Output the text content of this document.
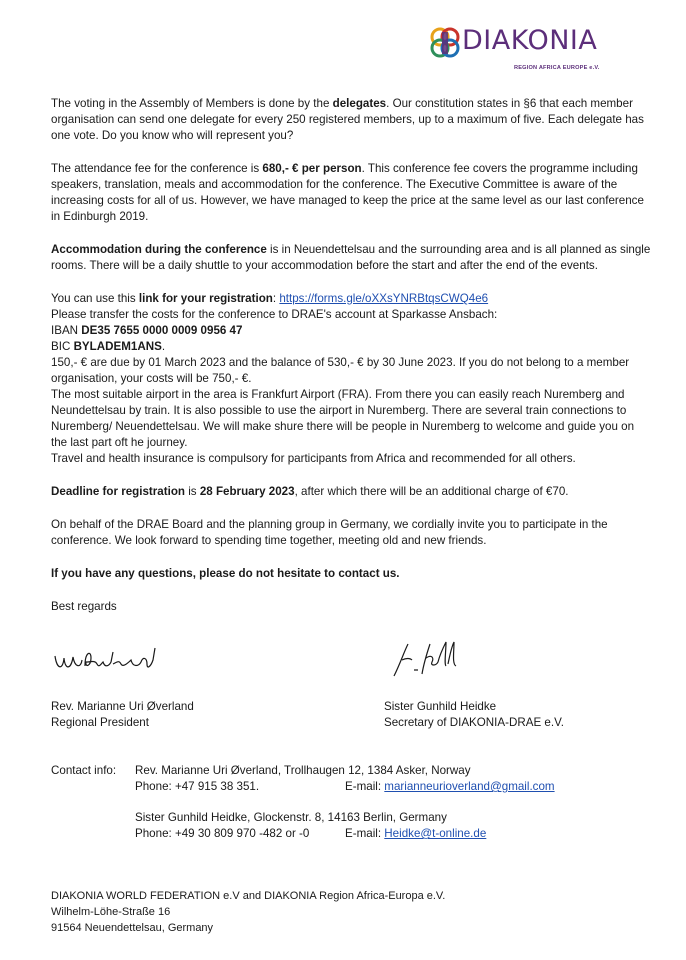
DIAKONIA
REGION AFRICA EUROPE e.V.

The voting in the Assembly of Members is done by the delegates. Our constitution states in §6 that each member organisation can send one delegate for every 250 registered members, up to a maximum of five. Each delegate has one vote. Do you know who will represent you?

The attendance fee for the conference is 680,- € per person. This conference fee covers the programme including speakers, translation, meals and accommodation for the conference. The Executive Committee is aware of the increasing costs for all of us. However, we have managed to keep the price at the same level as our last conference in Edinburgh 2019.

Accommodation during the conference is in Neuendettelsau and the surrounding area and is all planned as single rooms. There will be a daily shuttle to your accommodation before the start and after the end of the events.

You can use this link for your registration: https://forms.gle/oXXsYNRBtqsCWQ4e6
Please transfer the costs for the conference to DRAE's account at Sparkasse Ansbach:
IBAN DE35 7655 0000 0009 0956 47
BIC BYLADEM1ANS.
150,- € are due by 01 March 2023 and the balance of 530,- € by 30 June 2023. If you do not belong to a member organisation, your costs will be 750,- €.
The most suitable airport in the area is Frankfurt Airport (FRA). From there you can easily reach Nuremberg and Neundettelsau by train. It is also possible to use the airport in Nuremberg. There are several train connections to Nuremberg/ Neuendettelsau. We will make shure there will be people in Nuremberg to welcome and guide you on the last part oft he journey.
Travel and health insurance is compulsory for participants from Africa and recommended for all others.

Deadline for registration is 28 February 2023, after which there will be an additional charge of €70.

On behalf of the DRAE Board and the planning group in Germany, we cordially invite you to participate in the conference. We look forward to spending time together, meeting old and new friends.

If you have any questions, please do not hesitate to contact us.

Best regards

Rev. Marianne Uri Øverland
Regional President
Sister Gunhild Heidke
Secretary of DIAKONIA-DRAE e.V.
Contact info: Rev. Marianne Uri Øverland, Trollhaugen 12, 1384 Asker, Norway
Phone: +47 915 38 351.	E-mail: marianneurioverland@gmail.com
Sister Gunhild Heidke, Glockenstr. 8, 14163 Berlin, Germany
Phone: +49 30 809 970 -482 or -0	E-mail: Heidke@t-online.de
DIAKONIA WORLD FEDERATION e.V and DIAKONIA Region Africa-Europa e.V.
Wilhelm-Löhe-Straße 16
91564 Neuendettelsau, Germany
